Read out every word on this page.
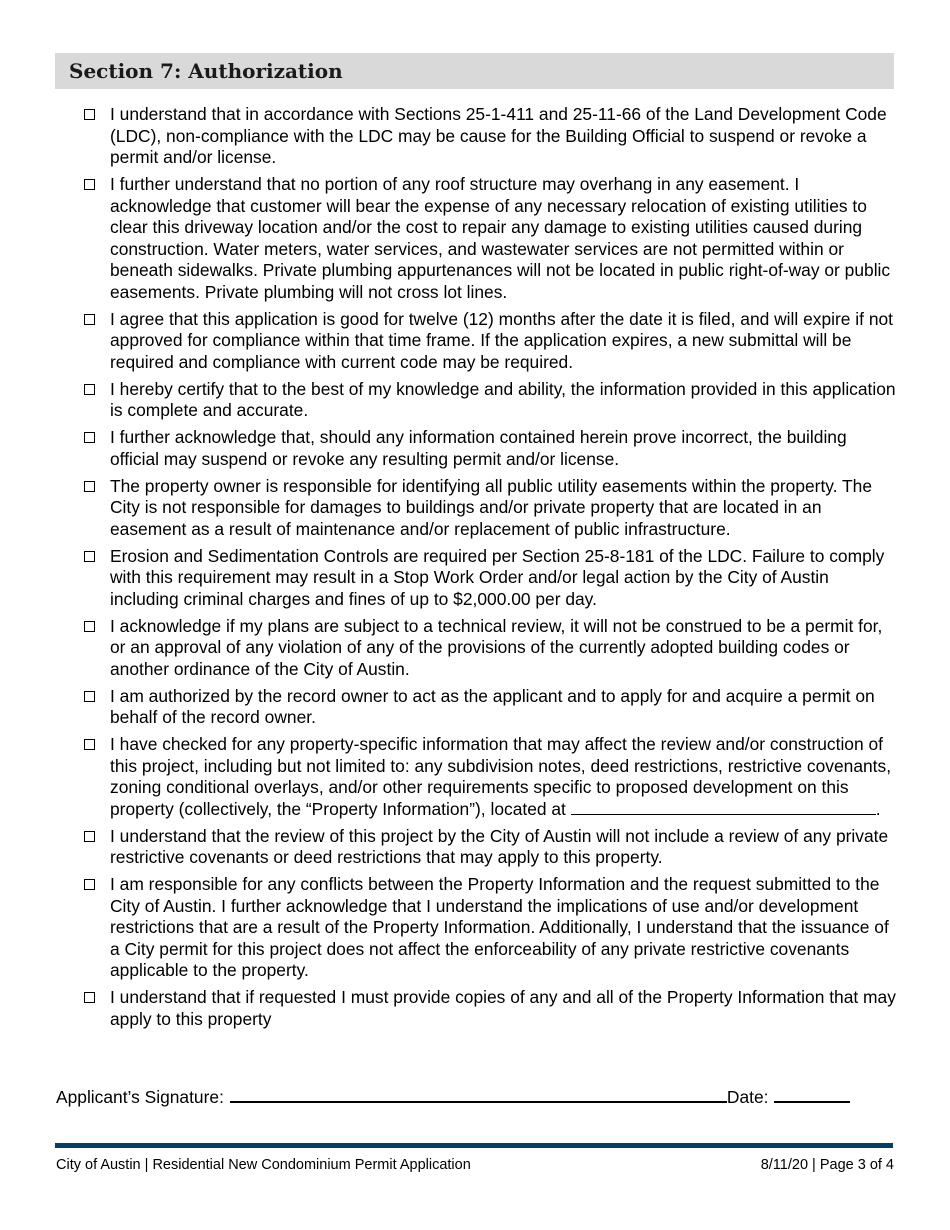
Section 7: Authorization
I understand that in accordance with Sections 25-1-411 and 25-11-66 of the Land Development Code (LDC), non-compliance with the LDC may be cause for the Building Official to suspend or revoke a permit and/or license.
I further understand that no portion of any roof structure may overhang in any easement. I acknowledge that customer will bear the expense of any necessary relocation of existing utilities to clear this driveway location and/or the cost to repair any damage to existing utilities caused during construction. Water meters, water services, and wastewater services are not permitted within or beneath sidewalks. Private plumbing appurtenances will not be located in public right-of-way or public easements. Private plumbing will not cross lot lines.
I agree that this application is good for twelve (12) months after the date it is filed, and will expire if not approved for compliance within that time frame. If the application expires, a new submittal will be required and compliance with current code may be required.
I hereby certify that to the best of my knowledge and ability, the information provided in this application is complete and accurate.
I further acknowledge that, should any information contained herein prove incorrect, the building official may suspend or revoke any resulting permit and/or license.
The property owner is responsible for identifying all public utility easements within the property. The City is not responsible for damages to buildings and/or private property that are located in an easement as a result of maintenance and/or replacement of public infrastructure.
Erosion and Sedimentation Controls are required per Section 25-8-181 of the LDC. Failure to comply with this requirement may result in a Stop Work Order and/or legal action by the City of Austin including criminal charges and fines of up to $2,000.00 per day.
I acknowledge if my plans are subject to a technical review, it will not be construed to be a permit for, or an approval of any violation of any of the provisions of the currently adopted building codes or another ordinance of the City of Austin.
I am authorized by the record owner to act as the applicant and to apply for and acquire a permit on behalf of the record owner.
I have checked for any property-specific information that may affect the review and/or construction of this project, including but not limited to: any subdivision notes, deed restrictions, restrictive covenants, zoning conditional overlays, and/or other requirements specific to proposed development on this property (collectively, the “Property Information”), located at	.
I understand that the review of this project by the City of Austin will not include a review of any private restrictive covenants or deed restrictions that may apply to this property.
I am responsible for any conflicts between the Property Information and the request submitted to the City of Austin. I further acknowledge that I understand the implications of use and/or development restrictions that are a result of the Property Information. Additionally, I understand that the issuance of a City permit for this project does not affect the enforceability of any private restrictive covenants applicable to the property.
I understand that if requested I must provide copies of any and all of the Property Information that may apply to this property
Applicant’s Signature:	Date:
City of Austin | Residential New Condominium Permit Application	8/11/20 | Page 3 of 4
